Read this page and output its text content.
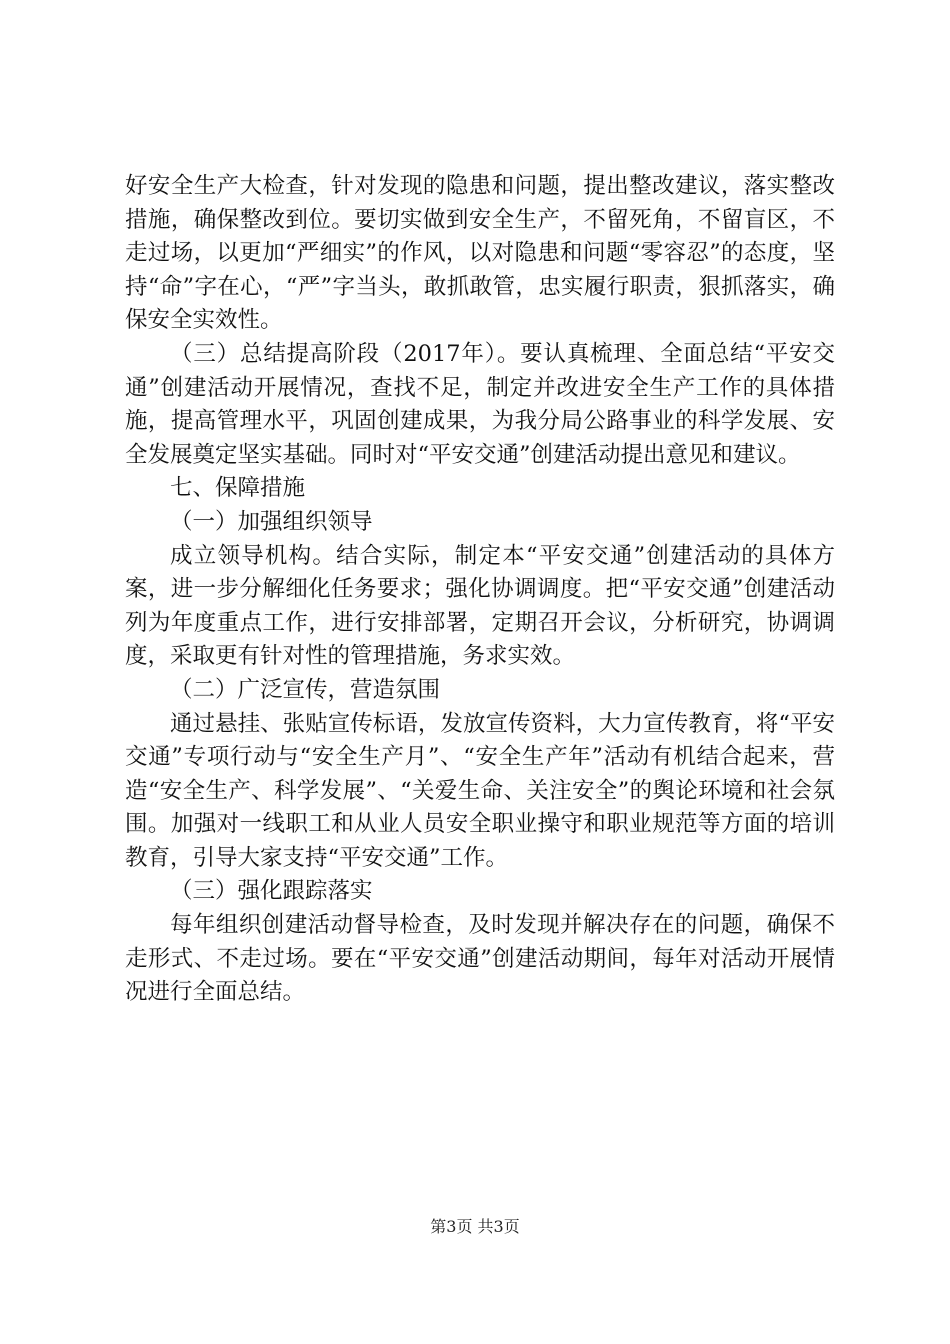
好安全生产大检查，针对发现的隐患和问题，提出整改建议，落实整改措施，确保整改到位。要切实做到安全生产，不留死角，不留盲区，不走过场，以更加“严细实”的作风，以对隐患和问题“零容忍”的态度，坚持“命”字在心，“严”字当头，敢抓敢管，忠实履行职责，狠抓落实，确保安全实效性。

（三）总结提高阶段（2017年）。要认真梳理、全面总结“平安交通”创建活动开展情况，查找不足，制定并改进安全生产工作的具体措施，提高管理水平，巩固创建成果，为我分局公路事业的科学发展、安全发展奠定坚实基础。同时对“平安交通”创建活动提出意见和建议。

七、保障措施

（一）加强组织领导

成立领导机构。结合实际，制定本“平安交通”创建活动的具体方案，进一步分解细化任务要求；强化协调调度。把“平安交通”创建活动列为年度重点工作，进行安排部署，定期召开会议，分析研究，协调调度，采取更有针对性的管理措施，务求实效。

（二）广泛宣传，营造氛围

通过悬挂、张贴宣传标语，发放宣传资料，大力宣传教育，将“平安交通”专项行动与“安全生产月”、“安全生产年”活动有机结合起来，营造“安全生产、科学发展”、“关爱生命、关注安全”的舆论环境和社会氛围。加强对一线职工和从业人员安全职业操守和职业规范等方面的培训教育，引导大家支持“平安交通”工作。

（三）强化跟踪落实

每年组织创建活动督导检查，及时发现并解决存在的问题，确保不走形式、不走过场。要在“平安交通”创建活动期间，每年对活动开展情况进行全面总结。

第3页 共3页
